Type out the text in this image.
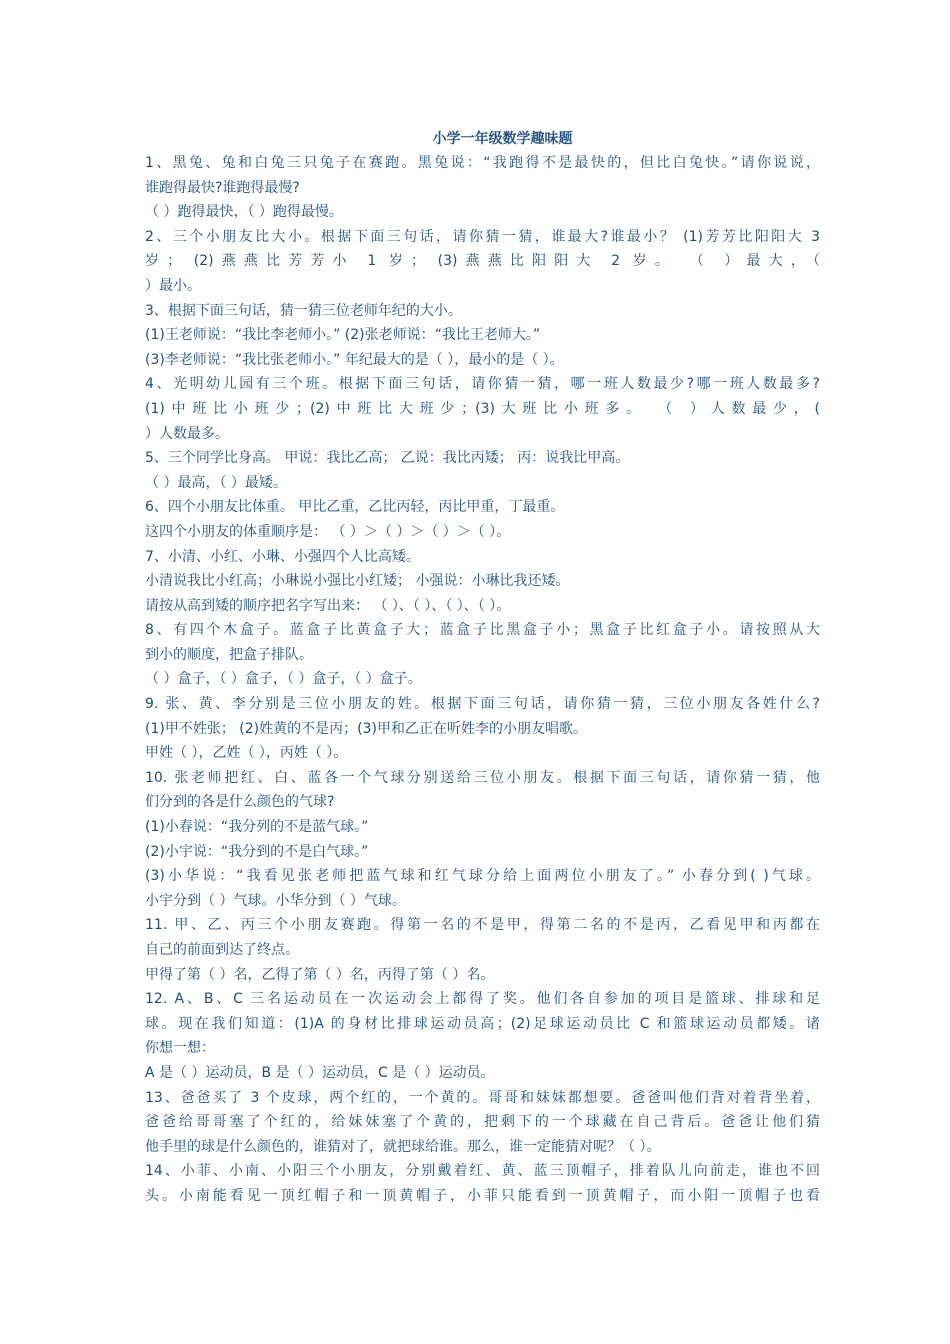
小学一年级数学趣味题

1、黑兔、兔和白兔三只兔子在赛跑。黑兔说：“我跑得不是最快的，但比白兔快。”请你说说，

谁跑得最快?谁跑得最慢?

（ ）跑得最快，（ ）跑得最慢。

2、三个小朋友比大小。根据下面三句话，请你猜一猜，谁最大?谁最小？ (1)芳芳比阳阳大 3

岁； (2)燕燕比芳芳小 1 岁； (3)燕燕比阳阳大 2 岁。 （ ）最大，（

）最小。

3、根据下面三句话，猜一猜三位老师年纪的大小。

(1)王老师说：“我比李老师小。” (2)张老师说：“我比王老师大。”

(3)李老师说：“我比张老师小。” 年纪最大的是（ ），最小的是（ ）。

4、光明幼儿园有三个班。根据下面三句话，请你猜一猜，哪一班人数最少?哪一班人数最多?

(1)中班比小班少；(2)中班比大班少；(3)大班比小班多。 （ ）人数最少，(

）人数最多。

5、三个同学比身高。 甲说：我比乙高； 乙说：我比丙矮； 丙：说我比甲高。

（ ）最高，（ ）最矮。

6、四个小朋友比体重。 甲比乙重，乙比丙轻，丙比甲重，丁最重。

这四个小朋友的体重顺序是： （ ）＞（ ）＞（ ）＞（ ）。

7、小清、小红、小琳、小强四个人比高矮。

小清说我比小红高；小琳说小强比小红矮； 小强说：小琳比我还矮。

请按从高到矮的顺序把名字写出来： （ ）、（ ）、（ ）、（ ）。

8、有四个木盒子。蓝盒子比黄盒子大；蓝盒子比黑盒子小；黑盒子比红盒子小。请按照从大

到小的顺度，把盒子排队。

（ ）盒子，（ ）盒子，（ ）盒子，（ ）盒子。

9. 张、黄、李分别是三位小朋友的姓。根据下面三句话，请你猜一猜，三位小朋友各姓什么?

(1)甲不姓张； (2)姓黄的不是丙；(3)甲和乙正在听姓李的小朋友唱歌。

甲姓（ ），乙姓（ ），丙姓（ ）。

10. 张老师把红、白、蓝各一个气球分别送给三位小朋友。根据下面三句话，请你猜一猜，他

们分到的各是什么颜色的气球?

(1)小春说：“我分列的不是蓝气球。”

(2)小宇说：“我分到的不是白气球。”

(3)小华说：“我看见张老师把蓝气球和红气球分给上面两位小朋友了。” 小春分到( )气球。

小宇分到（ ）气球。小华分到（ ）气球。

11. 甲、乙、丙三个小朋友赛跑。得第一名的不是甲，得第二名的不是丙，乙看见甲和丙都在

自己的前面到达了终点。

甲得了第（ ）名，乙得了第（ ）名，丙得了第（ ）名。

12. A、B、C 三名运动员在一次运动会上都得了奖。他们各自参加的项目是篮球、排球和足

球。现在我们知道：(1)A 的身材比排球运动员高；(2)足球运动员比 C 和篮球运动员都矮。诸

你想一想：

A 是（ ）运动员，B 是（ ）运动员，C 是（ ）运动员。

13、爸爸买了 3 个皮球，两个红的，一个黄的。哥哥和妹妹都想要。爸爸叫他们背对着背坐着，

爸爸给哥哥塞了个红的，给妹妹塞了个黄的，把剩下的一个球藏在自己背后。爸爸让他们猜

他手里的球是什么颜色的，谁猜对了，就把球给谁。那么，谁一定能猜对呢？（ ）。

14、小菲、小南、小阳三个小朋友，分别戴着红、黄、蓝三顶帽子，排着队儿向前走，谁也不回

头。小南能看见一顶红帽子和一顶黄帽子，小菲只能看到一顶黄帽子，而小阳一顶帽子也看
